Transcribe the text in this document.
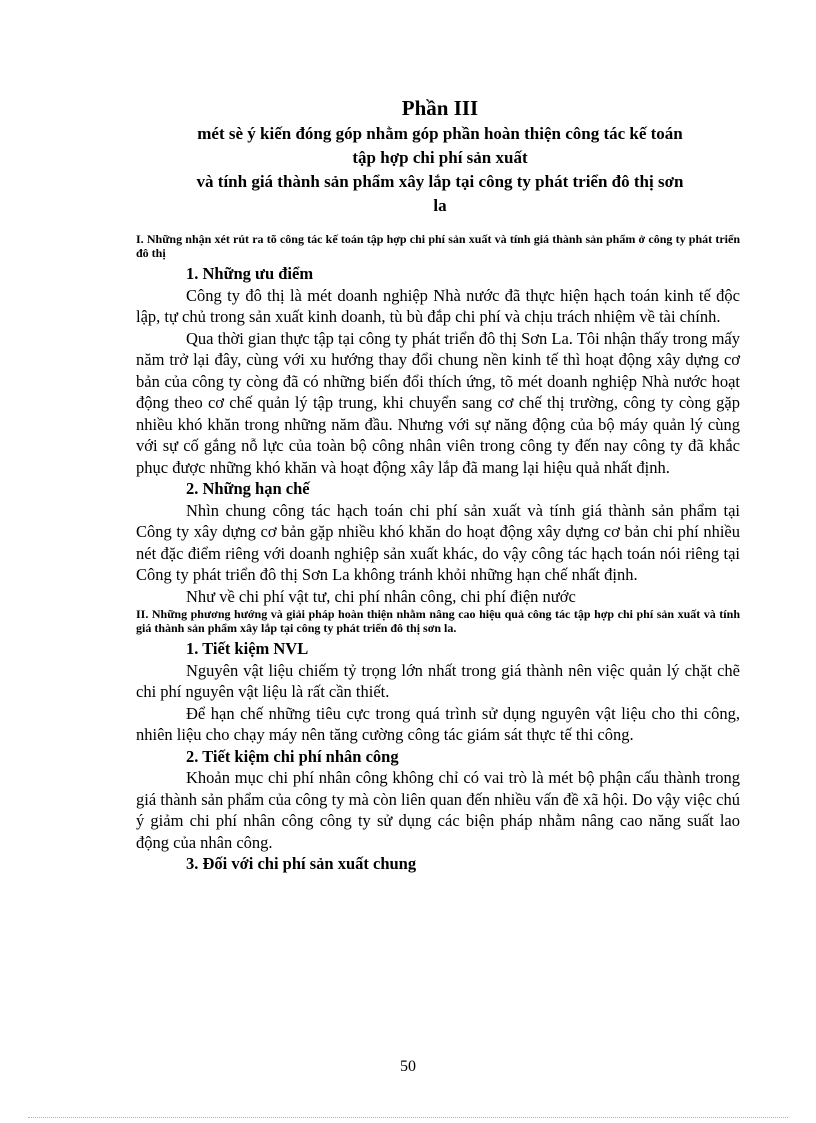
Phần III

mét sè ý kiến đóng góp nhằm góp phần hoàn thiện công tác kế toán

tập hợp chi phí sản xuất

và tính giá thành sản phẩm xây lắp tại công ty phát triển đô thị sơn

la

I. Những nhận xét rút ra tõ công tác kế toán tập hợp chi phí sản xuất và tính giá thành sản phẩm ở công ty phát triển đô thị

1. Những ưu điểm

Công ty đô thị là mét doanh nghiệp Nhà nước đã thực hiện hạch toán kinh tế độc lập, tự chủ trong sản xuất kinh doanh, tù bù đắp chi phí và chịu trách nhiệm về tài chính.

Qua thời gian thực tập tại công ty phát triển đô thị Sơn La. Tôi nhận thấy trong mấy năm trở lại đây, cùng với xu hướng thay đổi chung nền kinh tế thì hoạt động xây dựng cơ bản của công ty còng đã có những biến đổi thích ứng, tõ mét doanh nghiệp Nhà nước hoạt động theo cơ chế quản lý tập trung, khi chuyển sang cơ chế thị trường, công ty còng gặp nhiều khó khăn trong những năm đầu. Nhưng với sự năng động của bộ máy quản lý cùng với sự cố gắng nỗ lực của toàn bộ công nhân viên trong công ty đến nay công ty đã khắc phục được những khó khăn và hoạt động xây lắp đã mang lại hiệu quả nhất định.

2. Những hạn chế

Nhìn chung công tác hạch toán chi phí sản xuất và tính giá thành sản phẩm tại Công ty xây dựng cơ bản gặp nhiều khó khăn do hoạt động xây dựng cơ bản chi phí nhiều nét đặc điểm riêng với doanh nghiệp sản xuất khác, do vậy công tác hạch toán nói riêng tại Công ty phát triển đô thị Sơn La không tránh khỏi những hạn chế nhất định.

Như về chi phí vật tư, chi phí nhân công, chi phí điện nước

II. Những phương hướng và giải pháp hoàn thiện nhằm nâng cao hiệu quả công tác tập hợp chi phí sản xuất và tính giá thành sản phẩm xây lắp tại công ty phát triển đô thị sơn la.

1. Tiết kiệm NVL

Nguyên vật liệu chiếm tỷ trọng lớn nhất trong giá thành nên việc quản lý chặt chẽ chi phí nguyên vật liệu là rất cần thiết.

Để hạn chế những tiêu cực trong quá trình sử dụng nguyên vật liệu cho thi công, nhiên liệu cho chạy máy nên tăng cường công tác giám sát thực tế thi công.

2. Tiết kiệm chi phí nhân công

Khoản mục chi phí nhân công không chỉ có vai trò là mét bộ phận cấu thành trong giá thành sản phẩm của công ty mà còn liên quan đến nhiều vấn đề xã hội. Do vậy việc chú ý giảm chi phí nhân công công ty sử dụng các biện pháp nhằm nâng cao năng suất lao động của nhân công.

3. Đối với chi phí sản xuất chung

50
